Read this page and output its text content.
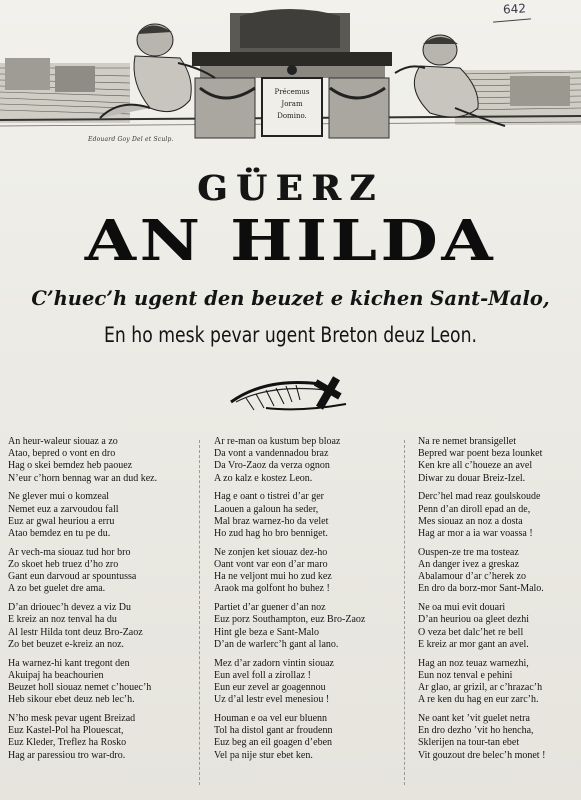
642
Précemus
Joram
Domino.
Edouard Goy Del et Sculp.
GÜERZ
AN HILDA
C’huec’h ugent den beuzet e kichen Sant-Malo,
En ho mesk pevar ugent Breton deuz Leon.
An heur-waleur siouaz a zo
Atao, bepred o vont en dro
Hag o skei bemdez heb paouez
N’eur c’horn bennag war an dud kez.
Ne glever mui o komzeal
Nemet euz a zarvoudou fall
Euz ar gwal heuriou a erru
Atao bemdez en tu pe du.
Ar vech-ma siouaz tud hor bro
Zo skoet heb truez d’ho zro
Gant eun darvoud ar spountussa
A zo bet guelet dre ama.
D’an driouec’h devez a viz Du
E kreiz an noz tenval ha du
Al lestr Hilda tont deuz Bro-Zaoz
Zo bet beuzet e-kreiz an noz.
Ha warnez-hi kant tregont den
Akuipaj ha beachourien
Beuzet holl siouaz nemet c’houec’h
Heb sikour ebet deuz neb lec’h.
N’ho mesk pevar ugent Breizad
Euz Kastel-Pol ha Plouescat,
Euz Kleder, Treflez ha Rosko
Hag ar paressiou tro war-dro.
Ar re-man oa kustum bep bloaz
Da vont a vandennadou braz
Da Vro-Zaoz da verza ognon
A zo kalz e kostez Leon.
Hag e oant o tistrei d’ar ger
Laouen a galoun ha seder,
Mal braz warnez-ho da velet
Ho zud hag ho bro benniget.
Ne zonjen ket siouaz dez-ho
Oant vont var eon d’ar maro
Ha ne veljont mui ho zud kez
Araok ma golfont ho buhez !
Partiet d’ar guener d’an noz
Euz porz Southampton, euz Bro-Zaoz
Hint gle beza e Sant-Malo
D’an de warlerc’h gant al lano.
Mez d’ar zadorn vintin siouaz
Eun avel foll a zirollaz !
Eun eur zevel ar goagennou
Uz d’al lestr evel menesiou !
Houman e oa vel eur bluenn
Tol ha distol gant ar froudenn
Euz beg an eil goagen d’eben
Vel pa nije stur ebet ken.
Na re nemet bransigellet
Bepred war poent beza lounket
Ken kre all c’houeze an avel
Diwar zu douar Breiz-Izel.
Derc’hel mad reaz goulskoude
Penn d’an diroll epad an de,
Mes siouaz an noz a dosta
Hag ar mor a ia war voassa !
Ouspen-ze tre ma tosteaz
An danger ivez a greskaz
Abalamour d’ar c’herek zo
En dro da borz-mor Sant-Malo.
Ne oa mui evit douari
D’an heuriou oa gleet dezhi
O veza bet dalc’het re bell
E kreiz ar mor gant an avel.
Hag an noz teuaz warnezhi,
Eun noz tenval e pehini
Ar glao, ar grizil, ar c’hrazac’h
A re ken du hag en eur zarc’h.
Ne oant ket ’vit guelet netra
En dro dezho ’vit ho hencha,
Sklerijen na tour-tan ebet
Vit gouzout dre belec’h monet !
